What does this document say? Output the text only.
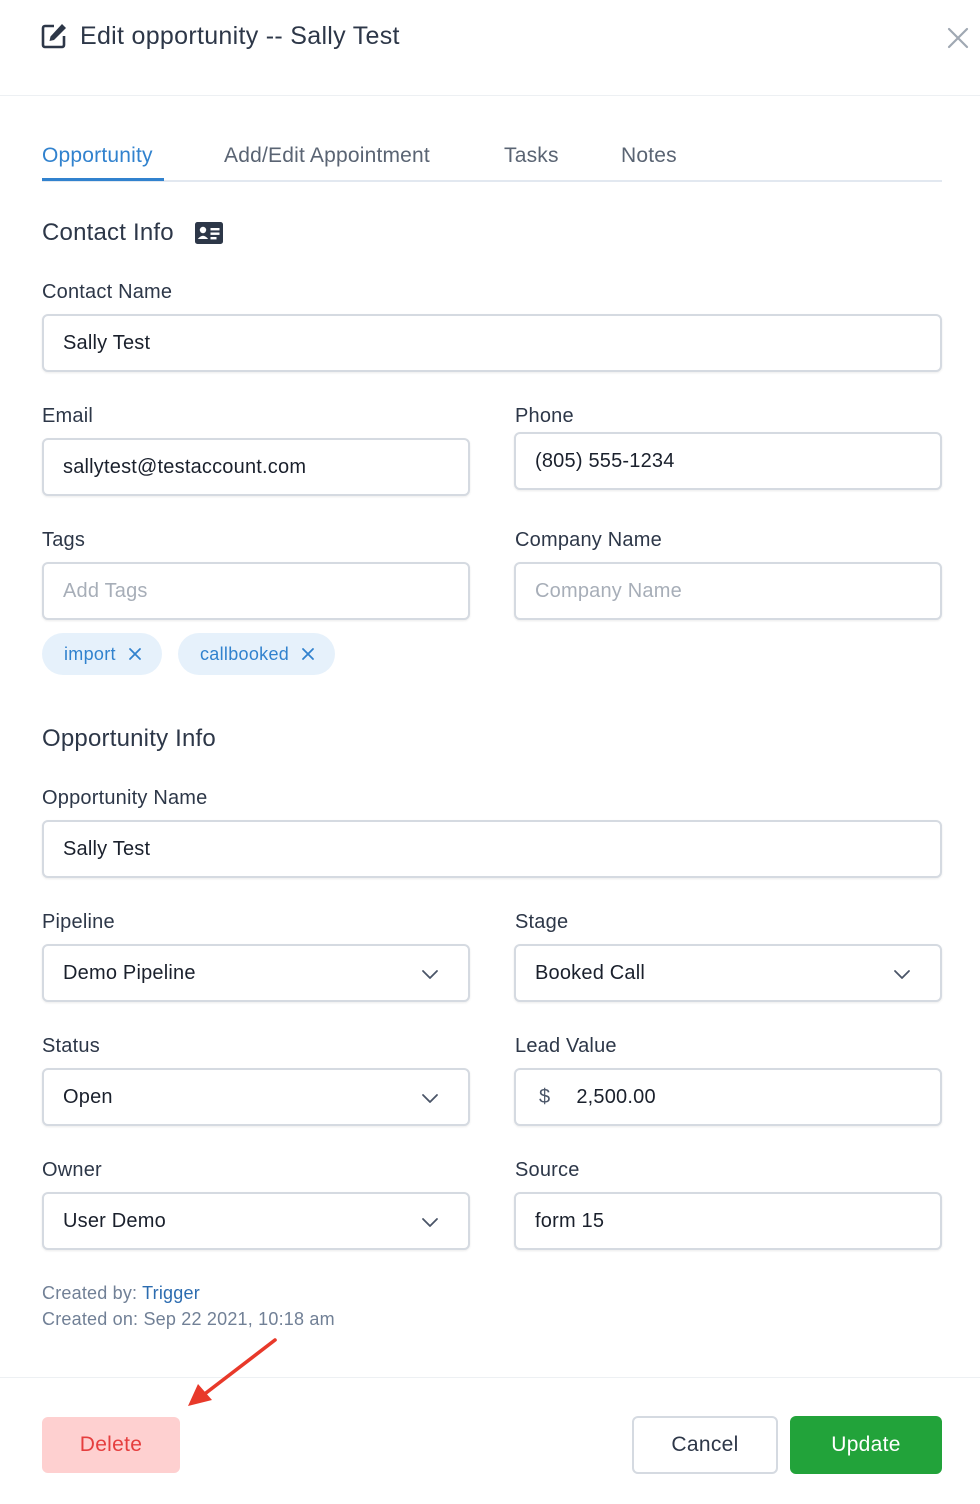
Edit opportunity -- Sally Test
Opportunity	Add/Edit Appointment	Tasks	Notes
Contact Info
Contact Name
Sally Test
Email
sallytest@testaccount.com
Phone
(805) 555-1234
Tags
Add Tags
Company Name
Company Name
import	callbooked
Opportunity Info
Opportunity Name
Sally Test
Pipeline
Demo Pipeline
Stage
Booked Call
Status
Open
Lead Value
$ 2,500.00
Owner
User Demo
Source
form 15
Created by: Trigger
Created on: Sep 22 2021, 10:18 am
Delete	Cancel	Update
